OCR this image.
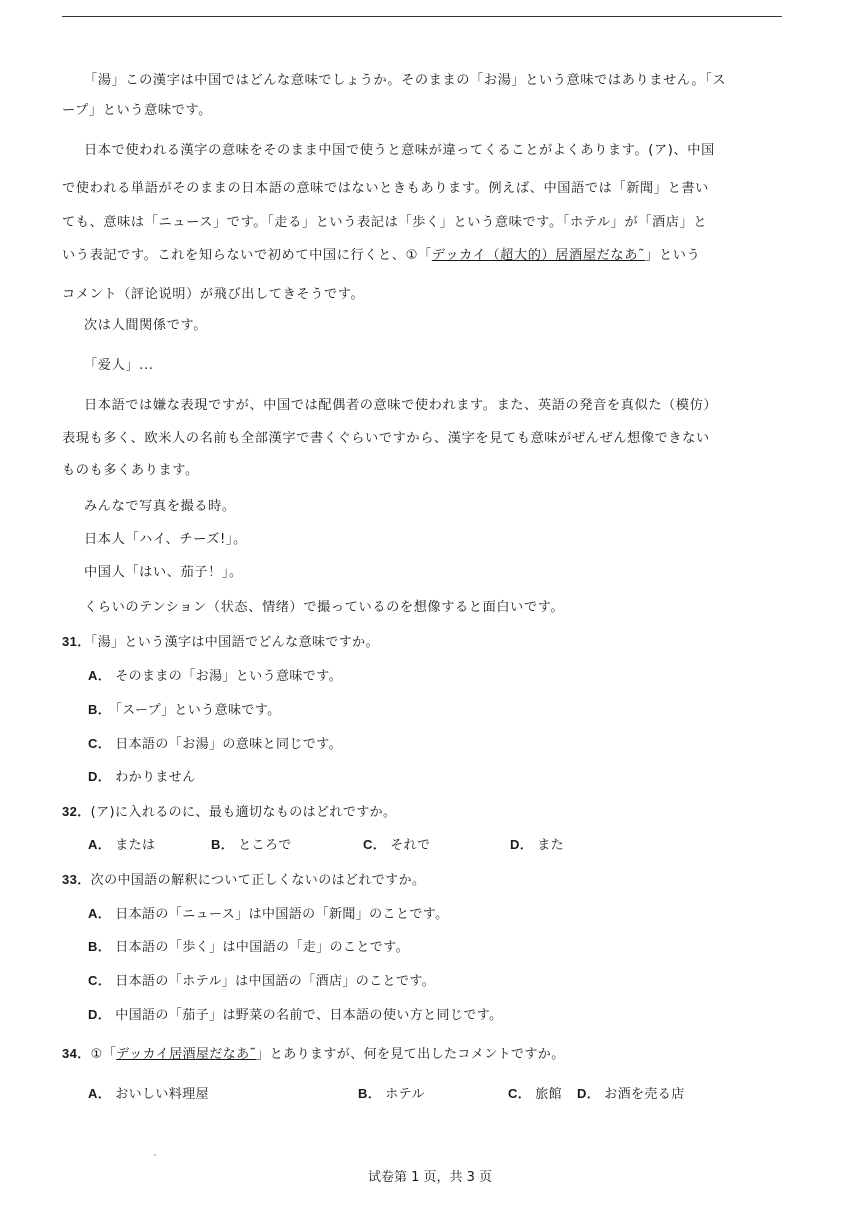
「湯」この漢字は中国ではどんな意味でしょうか。そのままの「お湯」という意味ではありません。「ス
ープ」という意味です。
日本で使われる漢字の意味をそのまま中国で使うと意味が違ってくることがよくあります。(ア)、中国
で使われる単語がそのままの日本語の意味ではないときもあります。例えば、中国語では「新聞」と書い
ても、意味は「ニュース」です。「走る」という表記は「歩く」という意味です。「ホテル」が「酒店」と
いう表記です。これを知らないで初めて中国に行くと、①「デッカイ（超大的）居酒屋だなあ˜」という
コメント（評论说明）が飛び出してきそうです。
次は人間関係です。
「爱人」...
日本語では嫌な表現ですが、中国では配偶者の意味で使われます。また、英語の発音を真似た（模仿）
表現も多く、欧米人の名前も全部漢字で書くぐらいですから、漢字を見ても意味がぜんぜん想像できない
ものも多くあります。
みんなで写真を撮る時。
日本人「ハイ、チーズ!」。
中国人「はい、茄子！」。
くらいのテンション（状态、情绪）で撮っているのを想像すると面白いです。
31．「湯」という漢字は中国語でどんな意味ですか。
A． そのままの「お湯」という意味です。
B． 「スープ」という意味です。
C． 日本語の「お湯」の意味と同じです。
D． わかりません
32．(ア)に入れるのに、最も適切なものはどれですか。
A． または	B． ところで	C． それで	D． また
33．次の中国語の解釈について正しくないのはどれですか。
A． 日本語の「ニュース」は中国語の「新聞」のことです。
B． 日本語の「歩く」は中国語の「走」のことです。
C． 日本語の「ホテル」は中国語の「酒店」のことです。
D． 中国語の「茄子」は野菜の名前で、日本語の使い方と同じです。
34．①「デッカイ居酒屋だなあ˜」とありますが、何を見て出したコメントですか。
A． おいしい料理屋	B． ホテル	C． 旅館 D． お酒を売る店
试卷第 1 页，共 3 页
